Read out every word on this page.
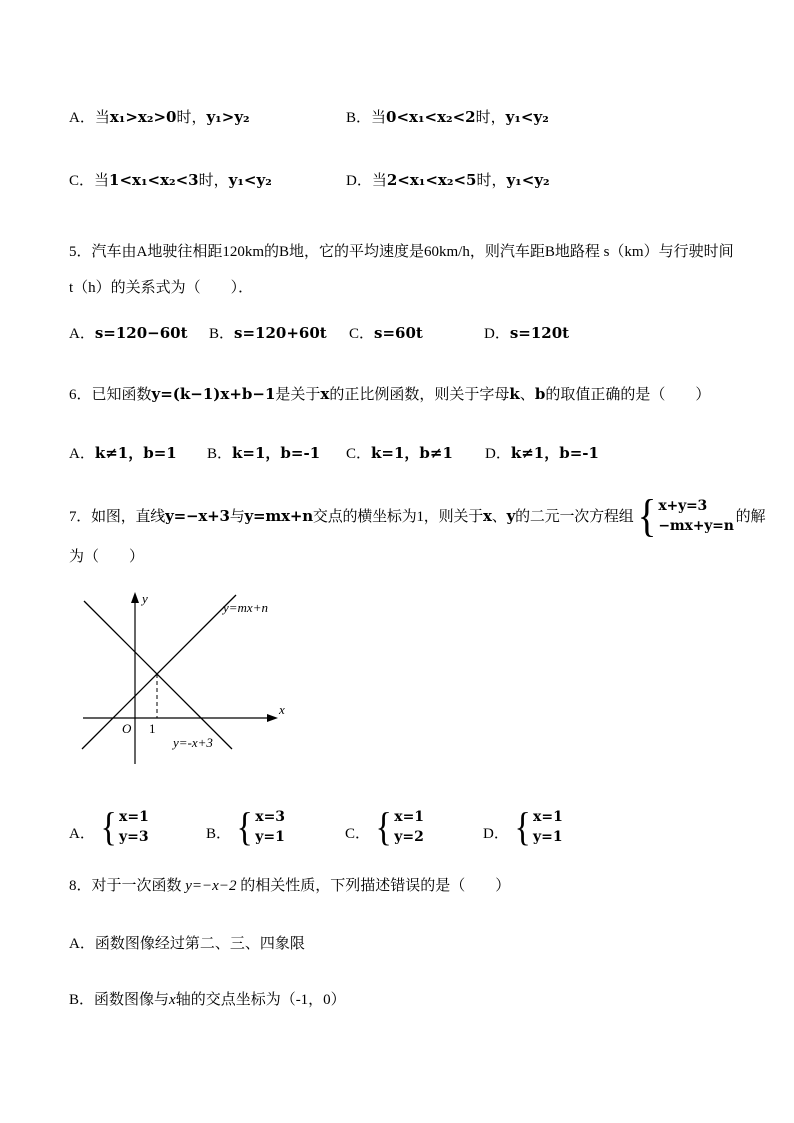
A．当x₁>x₂>0时，y₁>y₂	B．当0<x₁<x₂<2时，y₁<y₂
C．当1<x₁<x₂<3时，y₁<y₂	D．当2<x₁<x₂<5时，y₁<y₂
5．汽车由A地驶往相距120km的B地，它的平均速度是60km/h，则汽车距B地路程 s（km）与行驶时间
t（h）的关系式为（　　）．
A．s=120−60t	B．s=120+60t	C．s=60t	D．s=120t
6．已知函数y=(k−1)x+b−1是关于x的正比例函数，则关于字母k、b的取值正确的是（　　）
A．k≠1，b=1	B．k=1，b=-1	C．k=1，b≠1	D．k≠1，b=-1
7．如图，直线 y=−x+3 与 y=mx+n 交点的横坐标为1，则关于 x 、 y 的二元一次方程组 { x+y=3
−mx+y=n
的解
为（　　）
y
x
O 1
y=mx+n
y=-x+3
A． { x=1
y=3	B． { x=3
y=1	C． { x=1
y=2	D． { x=1
y=1
8．对于一次函数 y=−x−2 的相关性质，下列描述错误的是（　　）
A．函数图像经过第二、三、四象限
B．函数图像与x轴的交点坐标为（-1，0）
